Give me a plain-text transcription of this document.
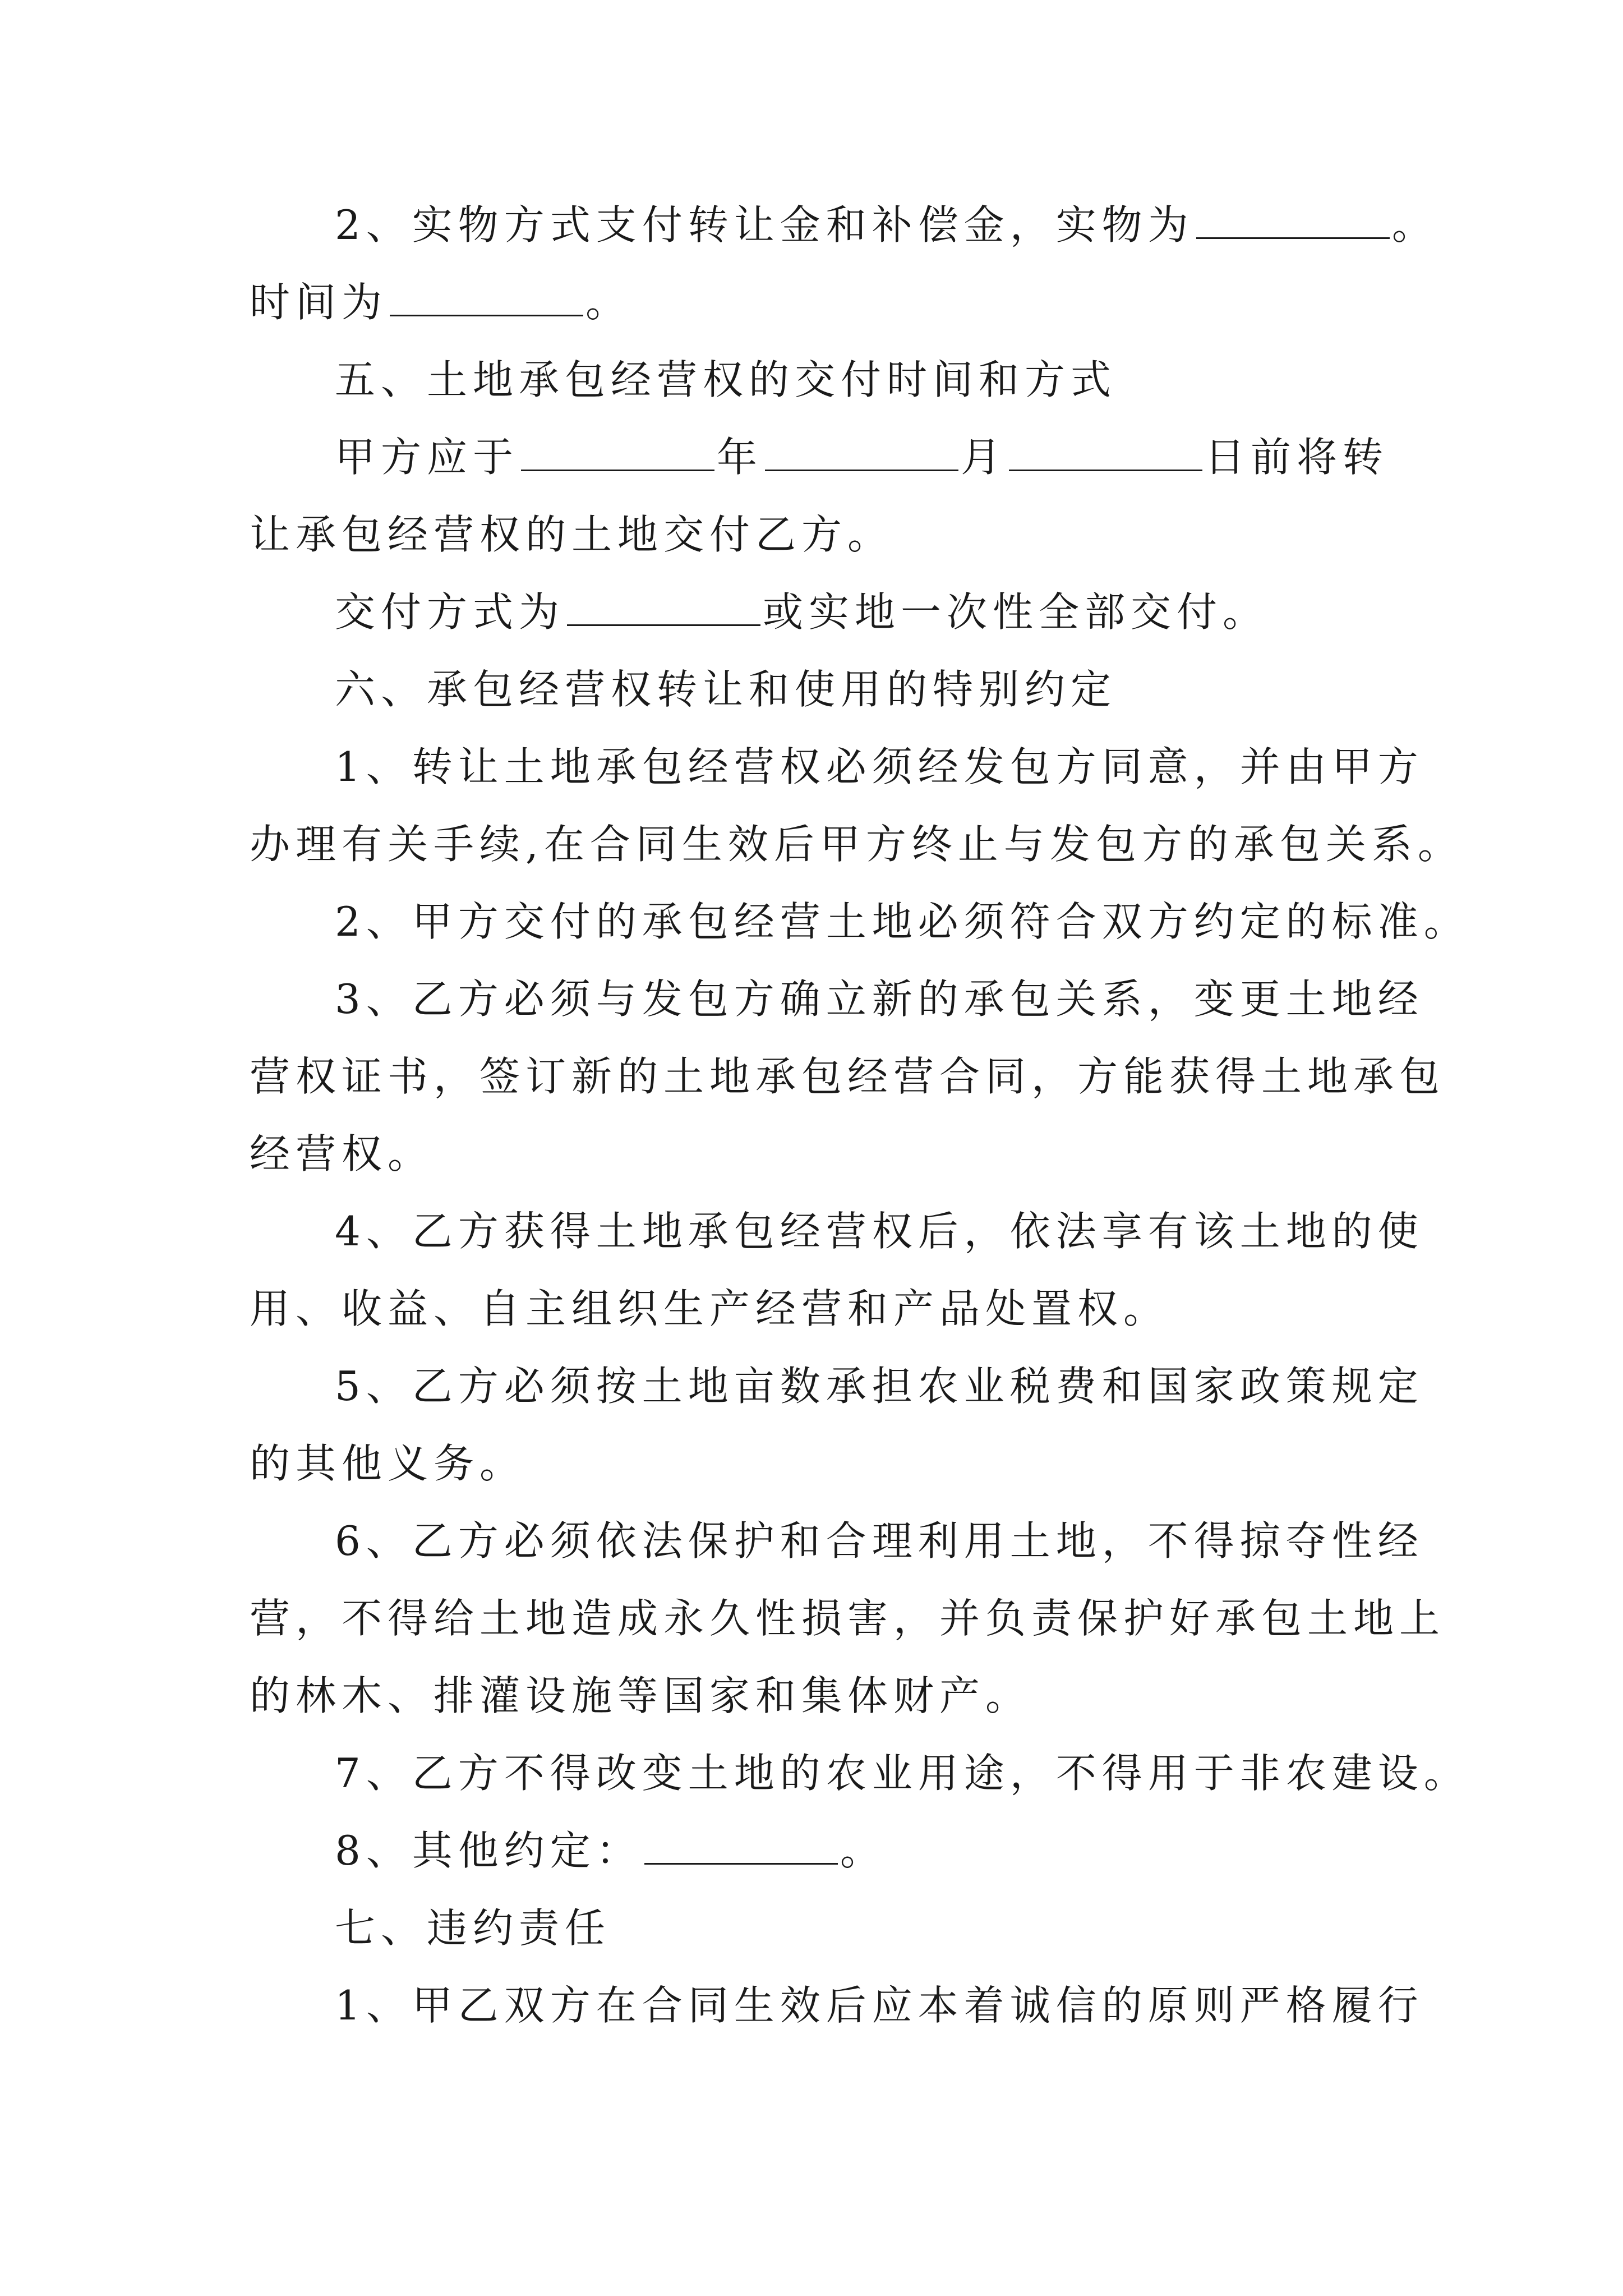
2、实物方式支付转让金和补偿金，实物为	。
时间为	。
五、土地承包经营权的交付时间和方式
甲方应于	年	月	日前将转
让承包经营权的土地交付乙方。
交付方式为	或实地一次性全部交付。
六、承包经营权转让和使用的特别约定
1、转让土地承包经营权必须经发包方同意，并由甲方
办理有关手续,在合同生效后甲方终止与发包方的承包关系。
2、甲方交付的承包经营土地必须符合双方约定的标准。
3、乙方必须与发包方确立新的承包关系，变更土地经
营权证书，签订新的土地承包经营合同，方能获得土地承包
经营权。
4、乙方获得土地承包经营权后，依法享有该土地的使
用、收益、自主组织生产经营和产品处置权。
5、乙方必须按土地亩数承担农业税费和国家政策规定
的其他义务。
6、乙方必须依法保护和合理利用土地，不得掠夺性经
营，不得给土地造成永久性损害，并负责保护好承包土地上
的林木、排灌设施等国家和集体财产。
7、乙方不得改变土地的农业用途，不得用于非农建设。
8、其他约定：	。
七、违约责任
1、甲乙双方在合同生效后应本着诚信的原则严格履行
